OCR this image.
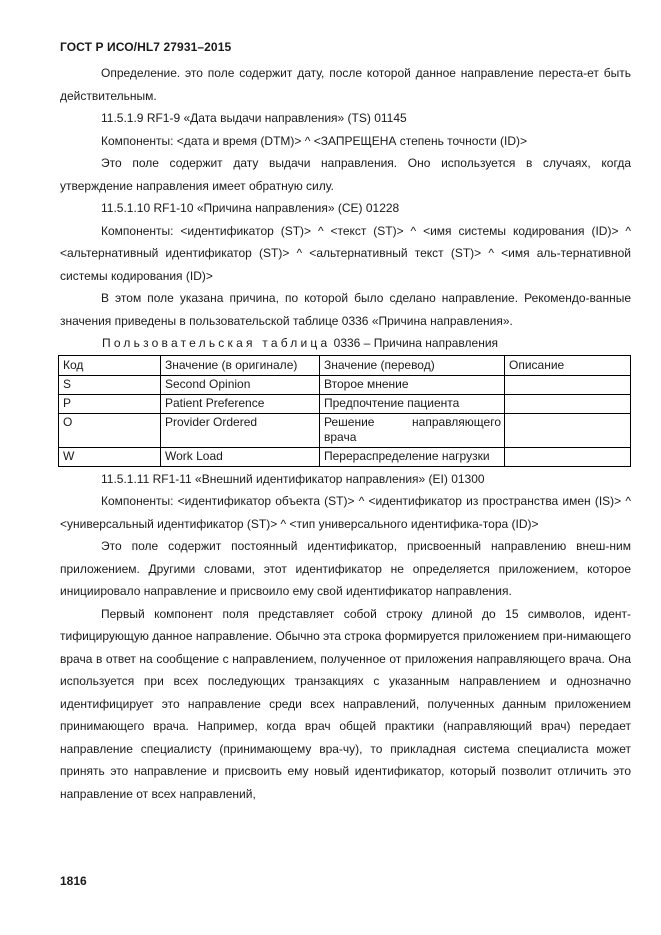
ГОСТ Р ИСО/HL7 27931–2015

Определение. это поле содержит дату, после которой данное направление переста-ет быть действительным.

11.5.1.9 RF1-9 «Дата выдачи направления» (TS) 01145

Компоненты: <дата и время (DTM)> ^ <ЗАПРЕЩЕНА степень точности (ID)>

Это поле содержит дату выдачи направления. Оно используется в случаях, когда утверждение направления имеет обратную силу.

11.5.1.10 RF1-10 «Причина направления» (CE) 01228

Компоненты: <идентификатор (ST)> ^ <текст (ST)> ^ <имя системы кодирования (ID)> ^ <альтернативный идентификатор (ST)> ^ <альтернативный текст (ST)> ^ <имя аль-тернативной системы кодирования (ID)>

В этом поле указана причина, по которой было сделано направление. Рекомендо-ванные значения приведены в пользовательской таблице 0336 «Причина направления».

Пользовательская таблица 0336 – Причина направления

Код	Значение (в оригинале)	Значение (перевод)	Описание
S	Second Opinion	Второе мнение	
P	Patient Preference	Предпочтение пациента	
O	Provider Ordered	Решение направляющего врача	
W	Work Load	Перераспределение нагрузки	

11.5.1.11 RF1-11 «Внешний идентификатор направления» (EI) 01300

Компоненты: <идентификатор объекта (ST)> ^ <идентификатор из пространства имен (IS)> ^ <универсальный идентификатор (ST)> ^ <тип универсального идентифика-тора (ID)>

Это поле содержит постоянный идентификатор, присвоенный направлению внеш-ним приложением. Другими словами, этот идентификатор не определяется приложением, которое инициировало направление и присвоило ему свой идентификатор направления.

Первый компонент поля представляет собой строку длиной до 15 символов, идент-тифицирующую данное направление. Обычно эта строка формируется приложением при-нимающего врача в ответ на сообщение с направлением, полученное от приложения направляющего врача. Она используется при всех последующих транзакциях с указанным направлением и однозначно идентифицирует это направление среди всех направлений, полученных данным приложением принимающего врача. Например, когда врач общей практики (направляющий врач) передает направление специалисту (принимающему вра-чу), то прикладная система специалиста может принять это направление и присвоить ему новый идентификатор, который позволит отличить это направление от всех направлений,

1816
